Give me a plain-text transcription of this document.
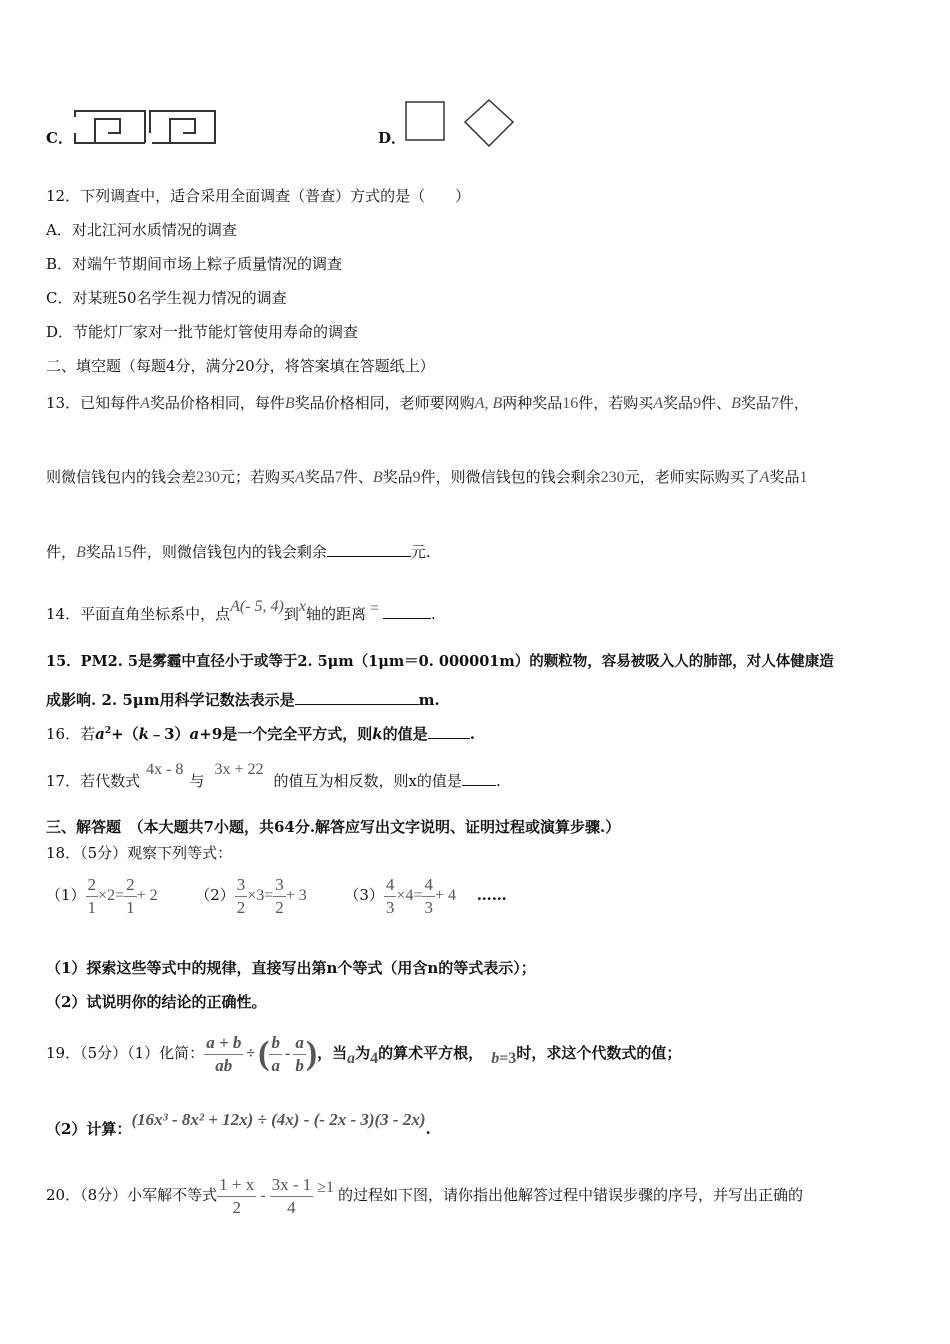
C．	D．
12．下列调查中，适合采用全面调查（普查）方式的是（　　）
A．对北江河水质情况的调查
B．对端午节期间市场上粽子质量情况的调查
C．对某班50名学生视力情况的调查
D．节能灯厂家对一批节能灯管使用寿命的调查
二、填空题（每题4分，满分20分，将答案填在答题纸上）
13．已知每件A奖品价格相同，每件B奖品价格相同，老师要网购A, B两种奖品16件，若购买A奖品9件、B奖品7件，
则微信钱包内的钱会差230元；若购买A奖品7件、B奖品9件，则微信钱包的钱会剩余230元，老师实际购买了A奖品1
件，B奖品15件，则微信钱包内的钱会剩余	元.
14．平面直角坐标系中，点A(- 5, 4)到x轴的距离 =	.
15．PM2. 5是雾霾中直径小于或等于2. 5μm（1μm＝0. 000001m）的颗粒物，容易被吸入人的肺部，对人体健康造
成影响. 2. 5μm用科学记数法表示是	m.
16．若$a^2+(k﹣3)a+9$是一个完全平方式，则k的值是	.
17．若代数式4x - 8与3x + 22的值互为相反数，则x的值是 .
三、解答题　（本大题共7小题，共64分.解答应写出文字说明、证明过程或演算步骤.）
18．（5分）观察下列等式：
$(1) \frac{2}{1} \times 2= \frac{2}{1} + 2$	$(2) \frac{3}{2} \times 3= \frac{3}{2} + 3$	$(3) \frac{4}{3} \times 4= \frac{4}{3} + 4$ ……
（1）探索这些等式中的规律，直接写出第n个等式（用含n的等式表示）；
（2）试说明你的结论的正确性。
19．（5分）（1）化简： $\frac{a + b}{ab}$ ÷( $\frac{b}{a} - \frac{a}{b}$ )，当a为4的算术平方根， b=3时，求这个代数式的值；
（2）计算：(16x³ - 8x² + 12x) ÷ (4x) - (- 2x - 3)(3 - 2x).
20．（8分）小军解不等式 $\frac{1 + x}{2} - \frac{3x - 1}{4} \ge 1$ 的过程如下图，请你指出他解答过程中错误步骤的序号，并写出正确的
